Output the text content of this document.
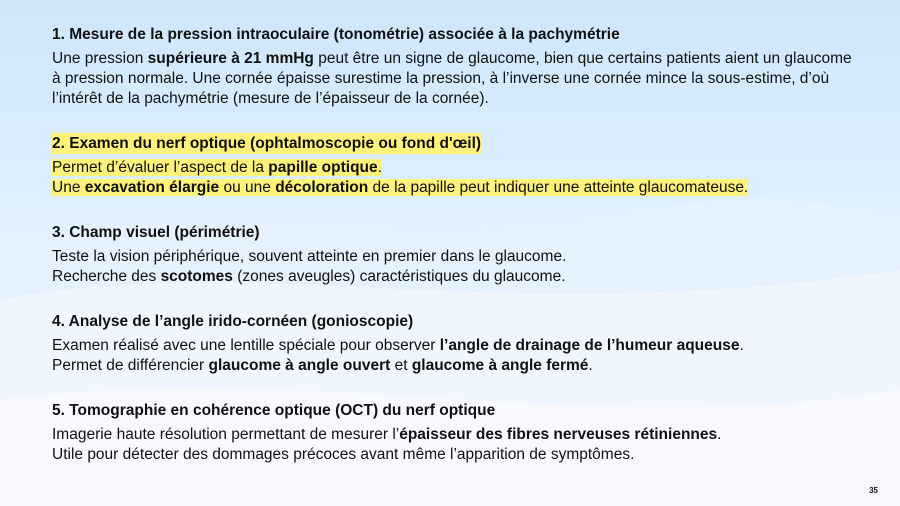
1. Mesure de la pression intraoculaire (tonométrie) associée à la pachymétrie
Une pression supérieure à 21 mmHg peut être un signe de glaucome, bien que certains patients aient un glaucome à pression normale. Une cornée épaisse surestime la pression, à l’inverse une cornée mince la sous-estime, d’où l’intérêt de la pachymétrie (mesure de l’épaisseur de la cornée).
2. Examen du nerf optique (ophtalmoscopie ou fond d'œil)
Permet d’évaluer l’aspect de la papille optique.
Une excavation élargie ou une décoloration de la papille peut indiquer une atteinte glaucomateuse.
3. Champ visuel (périmétrie)
Teste la vision périphérique, souvent atteinte en premier dans le glaucome.
Recherche des scotomes (zones aveugles) caractéristiques du glaucome.
4. Analyse de l’angle irido-cornéen (gonioscopie)
Examen réalisé avec une lentille spéciale pour observer l’angle de drainage de l’humeur aqueuse.
Permet de différencier glaucome à angle ouvert et glaucome à angle fermé.
5. Tomographie en cohérence optique (OCT) du nerf optique
Imagerie haute résolution permettant de mesurer l’épaisseur des fibres nerveuses rétiniennes.
Utile pour détecter des dommages précoces avant même l’apparition de symptômes.
35
